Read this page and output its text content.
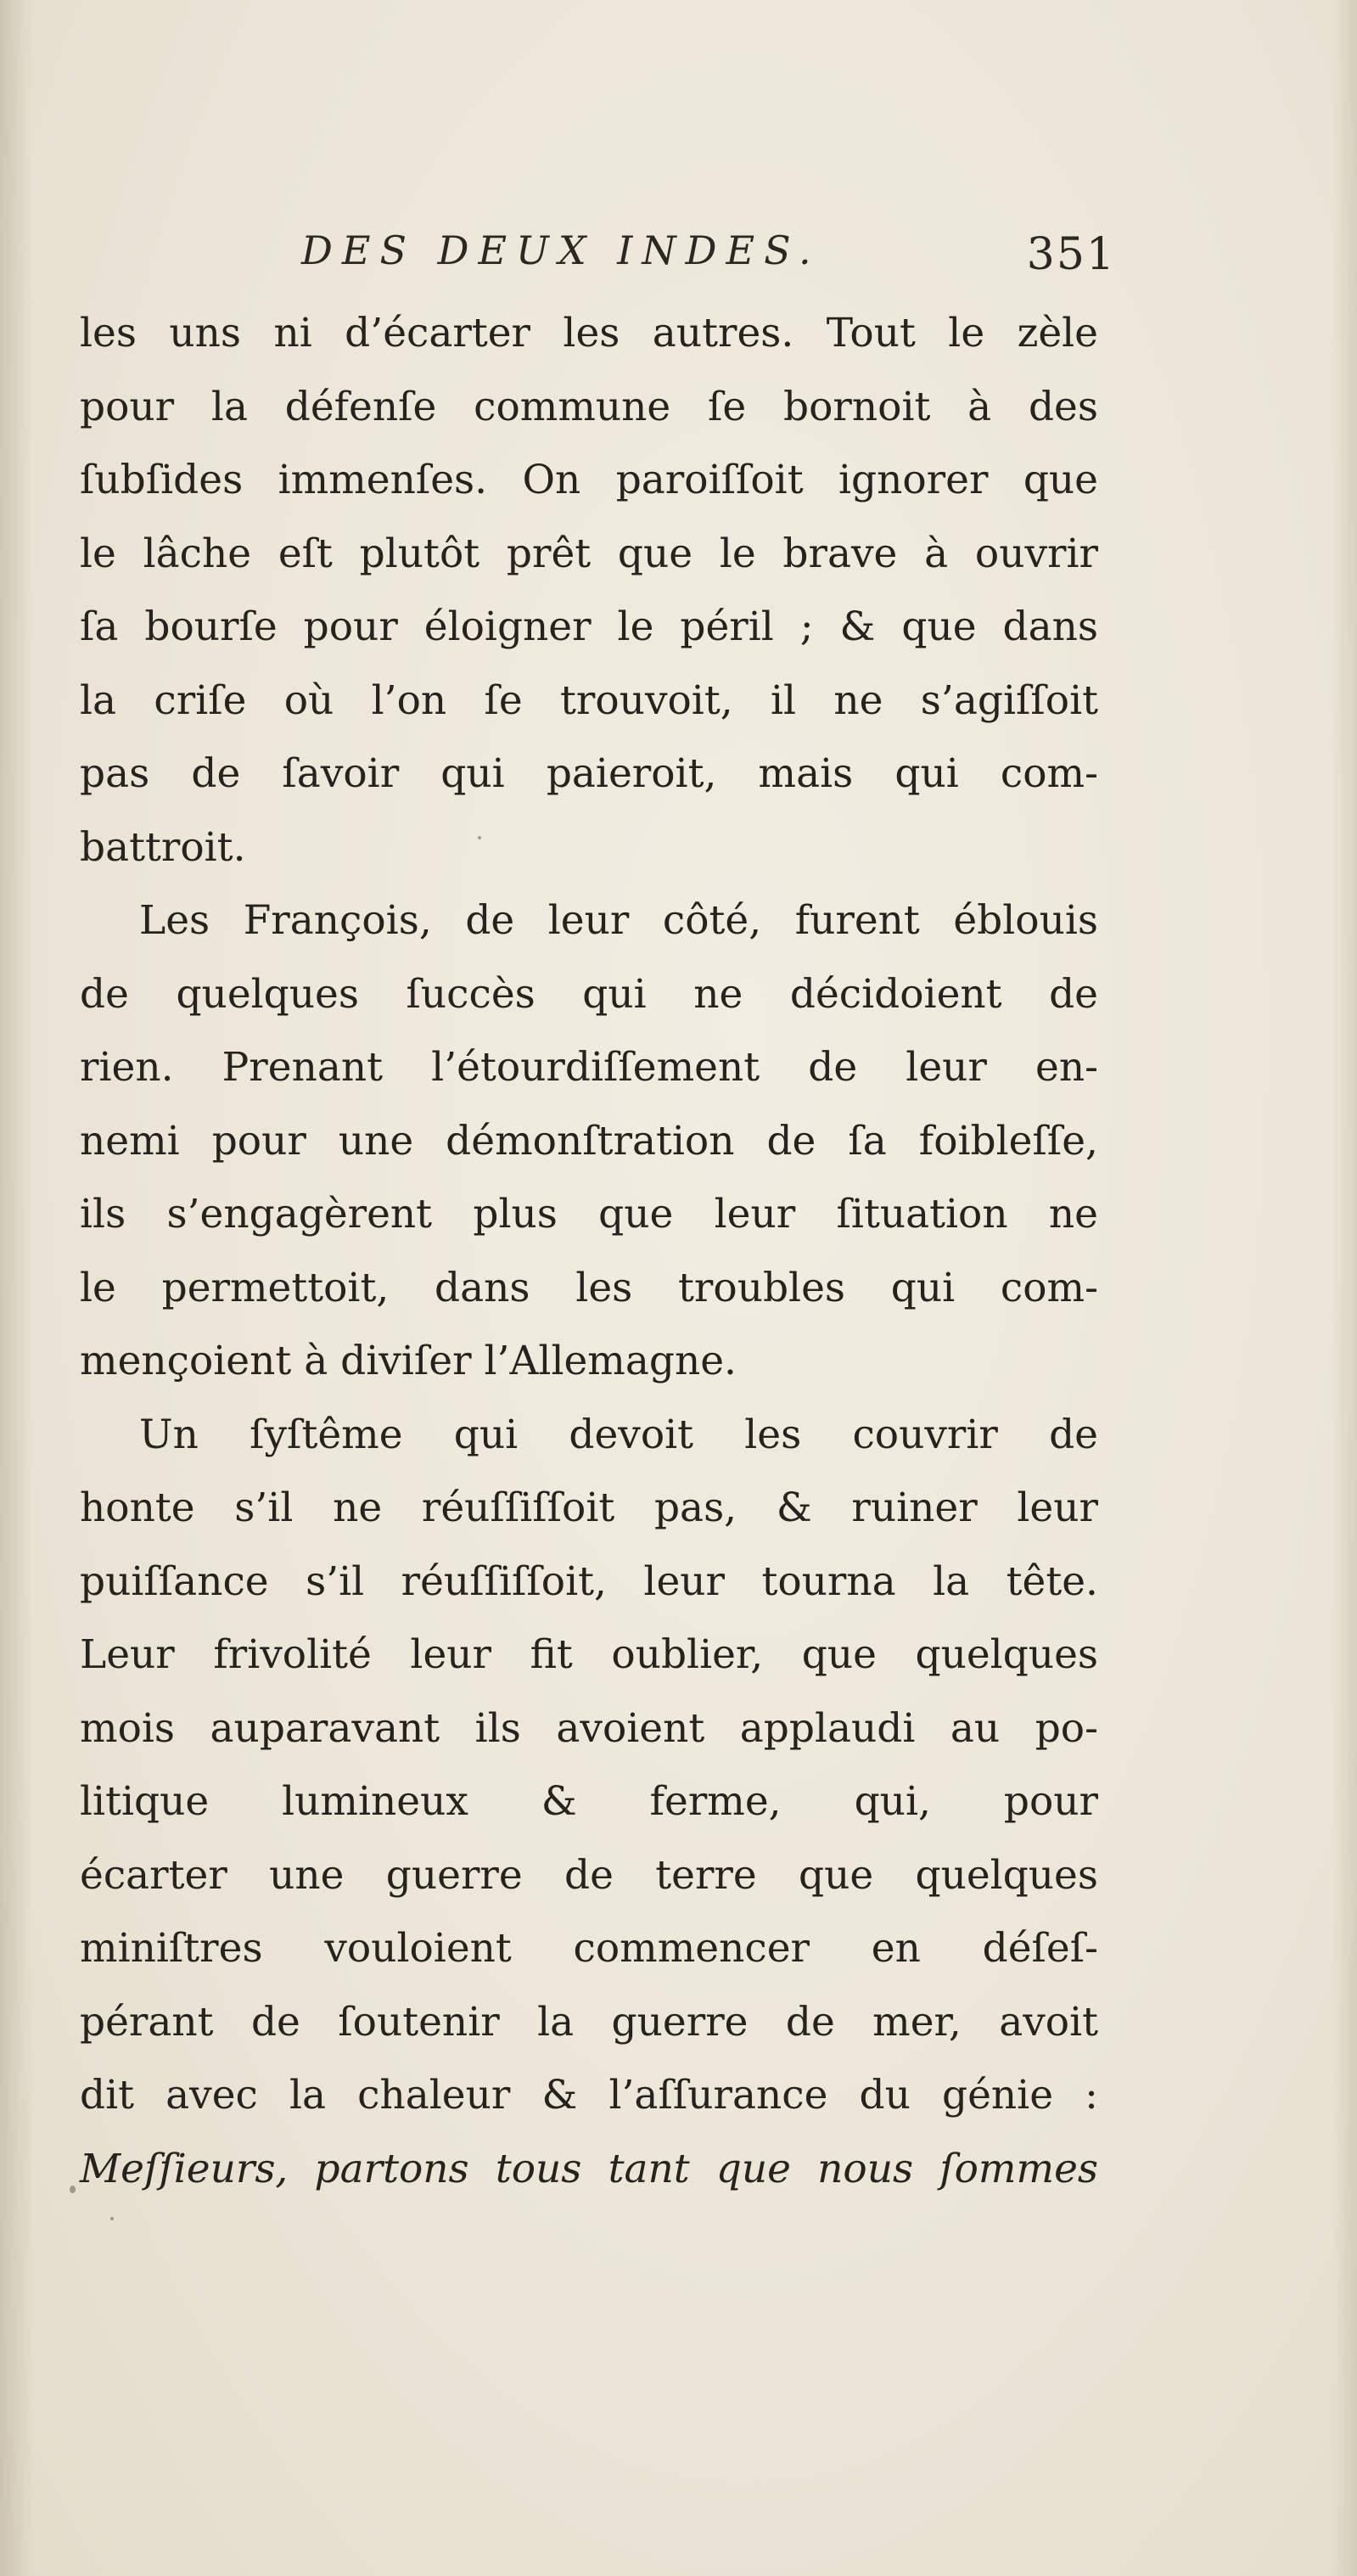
DES DEUX INDES.	351
les uns ni d’écarter les autres. Tout le zèle
pour la défenſe commune ſe bornoit à des
ſubſides immenſes. On paroiſſoit ignorer que
le lâche eſt plutôt prêt que le brave à ouvrir
ſa bourſe pour éloigner le péril ; & que dans
la criſe où l’on ſe trouvoit, il ne s’agiſſoit
pas de ſavoir qui paieroit, mais qui com-
battroit.
Les François, de leur côté, furent éblouis
de quelques ſuccès qui ne décidoient de
rien. Prenant l’étourdiſſement de leur en-
nemi pour une démonſtration de ſa foibleſſe,
ils s’engagèrent plus que leur ſituation ne
le permettoit, dans les troubles qui com-
mençoient à diviſer l’Allemagne.
Un ſyſtême qui devoit les couvrir de
honte s’il ne réuſſiſſoit pas, & ruiner leur
puiſſance s’il réuſſiſſoit, leur tourna la tête.
Leur frivolité leur fit oublier, que quelques
mois auparavant ils avoient applaudi au po-
litique lumineux & ferme, qui, pour
écarter une guerre de terre que quelques
miniſtres vouloient commencer en déſeſ-
pérant de ſoutenir la guerre de mer, avoit
dit avec la chaleur & l’aſſurance du génie :
Meſſieurs, partons tous tant que nous ſommes
